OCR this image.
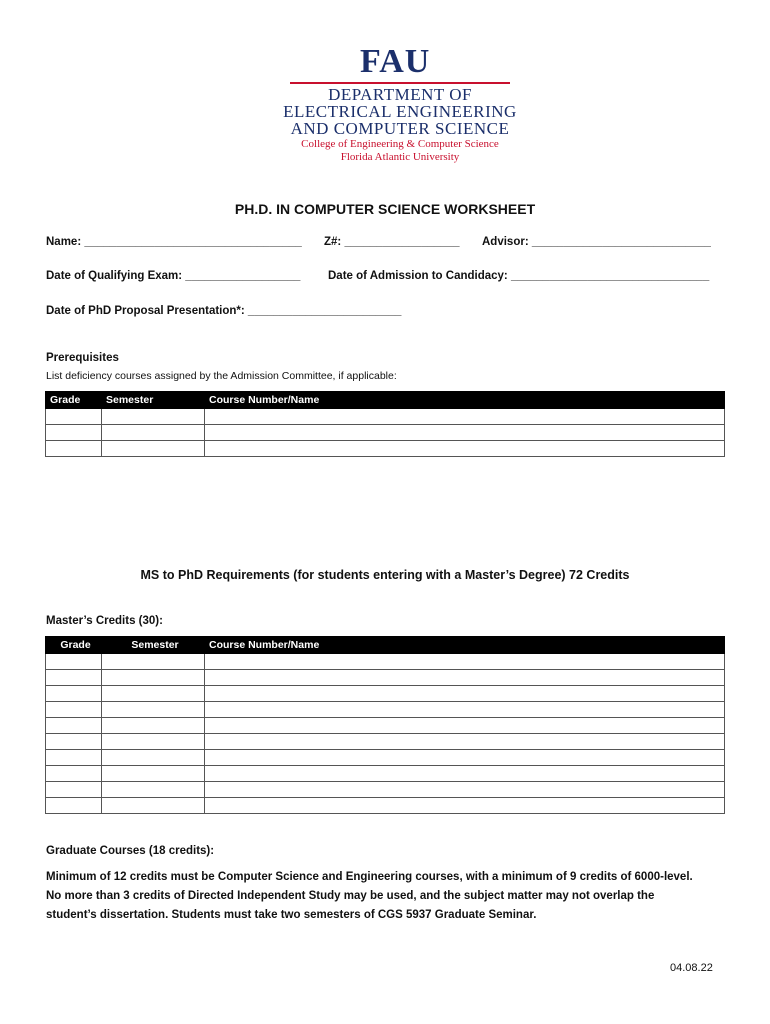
FAU
DEPARTMENT OF
ELECTRICAL ENGINEERING
AND COMPUTER SCIENCE
College of Engineering & Computer Science
Florida Atlantic University
PH.D. IN COMPUTER SCIENCE WORKSHEET
Name: __________________________________ Z#: __________________ Advisor: ____________________________
Date of Qualifying Exam: __________________ Date of Admission to Candidacy: _______________________________
Date of PhD Proposal Presentation*: ________________________
Prerequisites
List deficiency courses assigned by the Admission Committee, if applicable:
Grade	Semester	Course Number/Name

MS to PhD Requirements (for students entering with a Master’s Degree) 72 Credits
Master’s Credits (30):
Grade	Semester	Course Number/Name

Graduate Courses (18 credits):
Minimum of 12 credits must be Computer Science and Engineering courses, with a minimum of 9 credits of 6000-level.
No more than 3 credits of Directed Independent Study may be used, and the subject matter may not overlap the
student’s dissertation. Students must take two semesters of CGS 5937 Graduate Seminar.
04.08.22
